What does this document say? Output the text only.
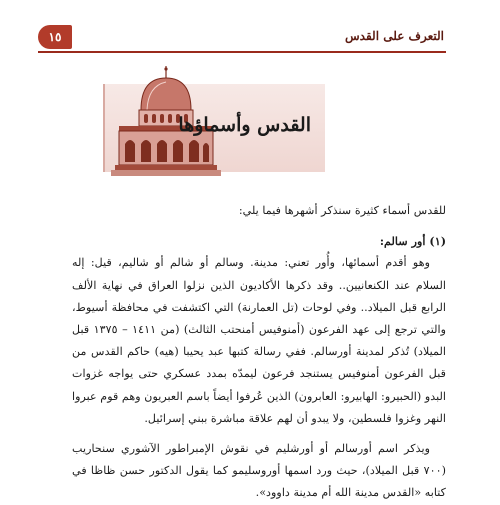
١٥	التعرف على القدس
القدس وأسماؤها

للقدس أسماء كثيرة سنذكر أشهرها فيما يلي:

(١) أور سالم:

وهو أقدم أسمائها، وأُور تعني: مدينة. وسالم أو شالم أو شاليم، قيل: إله السلام عند الكنعانيين.. وقد ذكرها الأكاديون الذين نزلوا العراق في نهاية الألف الرابع قبل الميلاد.. وفي لوحات (تل العمارنة) التي اكتشفت في محافظة أسيوط، والتي ترجع إلى عهد الفرعون (أمنوفيس أمنحتب الثالث) (من ١٤١١ – ١٣٧٥ قبل الميلاد) تُذكر لمدينة أورسالم. ففي رسالة كتبها عبد يحيبا (هيه) حاكم القدس من قبل الفرعون أمنوفيس يستنجد فرعون ليمدّه بمدد عسكري حتى يواجه غزوات البدو (الحبيرو: الهابيرو: العابرون) الذين عُرفوا أيضاً باسم العبريون وهم قوم عبروا النهر وغزوا فلسطين، ولا يبدو أن لهم علاقة مباشرة ببني إسرائيل.

ويذكر اسم أورسالم أو أورشليم في نقوش الإمبراطور الآشوري سنحاريب (٧٠٠ قبل الميلاد)، حيث ورد اسمها أوروسليمو كما يقول الدكتور حسن ظاظا في كتابه «القدس مدينة الله أم مدينة داوود».
